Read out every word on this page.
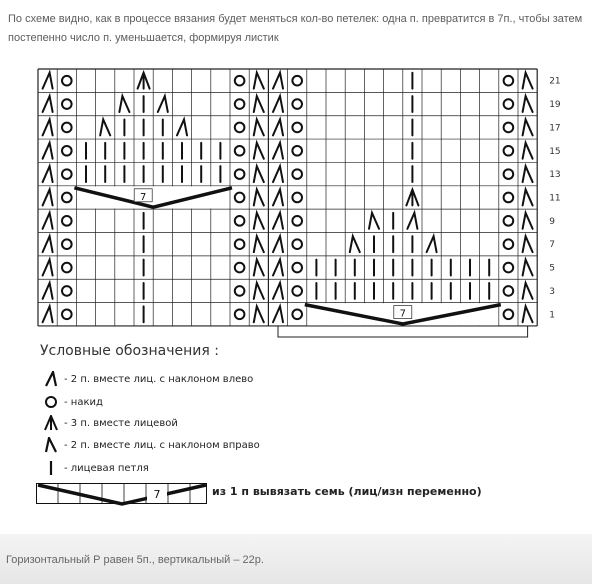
По схеме видно, как в процессе вязания будет меняться кол-во петелек: одна п. превратится в 7п., чтобы затем постепенно число п. уменьшается, формируя листик
7
7
21
19
17
15
13
11
9
7
5
3
1
Условные обозначения :
- 2 п. вместе лиц. с наклоном влево
- накид
- 3 п. вместе лицевой
- 2 п. вместе лиц. с наклоном вправо
- лицевая петля
7	из 1 п вывязать семь (лиц/изн переменно)
Горизонтальный Р равен 5п., вертикальный – 22р.
